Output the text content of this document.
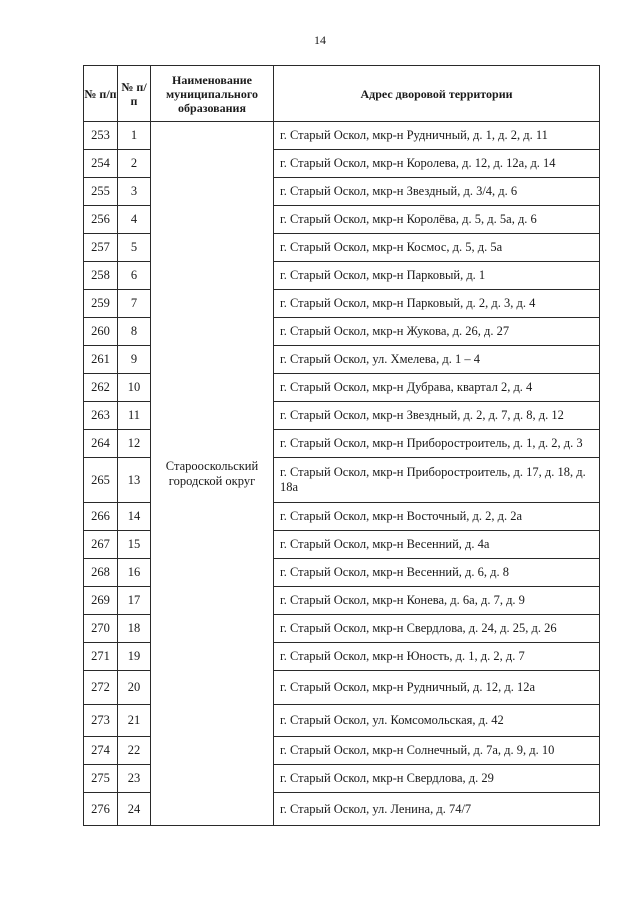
14
№ п/п	№ п/п	Наименование муниципального образования	Адрес дворовой территории
253	1	Старооскольский городской округ	г. Старый Оскол, мкр-н Рудничный, д. 1, д. 2, д. 11
254	2		г. Старый Оскол, мкр-н Королева, д. 12, д. 12а, д. 14
255	3		г. Старый Оскол, мкр-н Звездный, д. 3/4, д. 6
256	4		г. Старый Оскол, мкр-н Королёва, д. 5, д. 5а, д. 6
257	5		г. Старый Оскол, мкр-н Космос, д. 5, д. 5а
258	6		г. Старый Оскол, мкр-н Парковый, д. 1
259	7		г. Старый Оскол, мкр-н Парковый, д. 2, д. 3, д. 4
260	8		г. Старый Оскол, мкр-н Жукова, д. 26, д. 27
261	9		г. Старый Оскол, ул. Хмелева, д. 1 – 4
262	10		г. Старый Оскол, мкр-н Дубрава, квартал 2, д. 4
263	11		г. Старый Оскол, мкр-н Звездный, д. 2, д. 7, д. 8, д. 12
264	12		г. Старый Оскол, мкр-н Приборостроитель, д. 1, д. 2, д. 3
265	13		г. Старый Оскол, мкр-н Приборостроитель, д. 17, д. 18, д. 18а
266	14		г. Старый Оскол, мкр-н Восточный, д. 2, д. 2а
267	15		г. Старый Оскол, мкр-н Весенний, д. 4а
268	16		г. Старый Оскол, мкр-н Весенний, д. 6, д. 8
269	17		г. Старый Оскол, мкр-н Конева, д. 6а, д. 7, д. 9
270	18		г. Старый Оскол, мкр-н Свердлова, д. 24, д. 25, д. 26
271	19		г. Старый Оскол, мкр-н Юность, д. 1, д. 2, д. 7
272	20		г. Старый Оскол, мкр-н Рудничный, д. 12, д. 12а
273	21		г. Старый Оскол, ул. Комсомольская, д. 42
274	22		г. Старый Оскол, мкр-н Солнечный, д. 7а, д. 9, д. 10
275	23		г. Старый Оскол, мкр-н Свердлова, д. 29
276	24		г. Старый Оскол, ул. Ленина, д. 74/7
